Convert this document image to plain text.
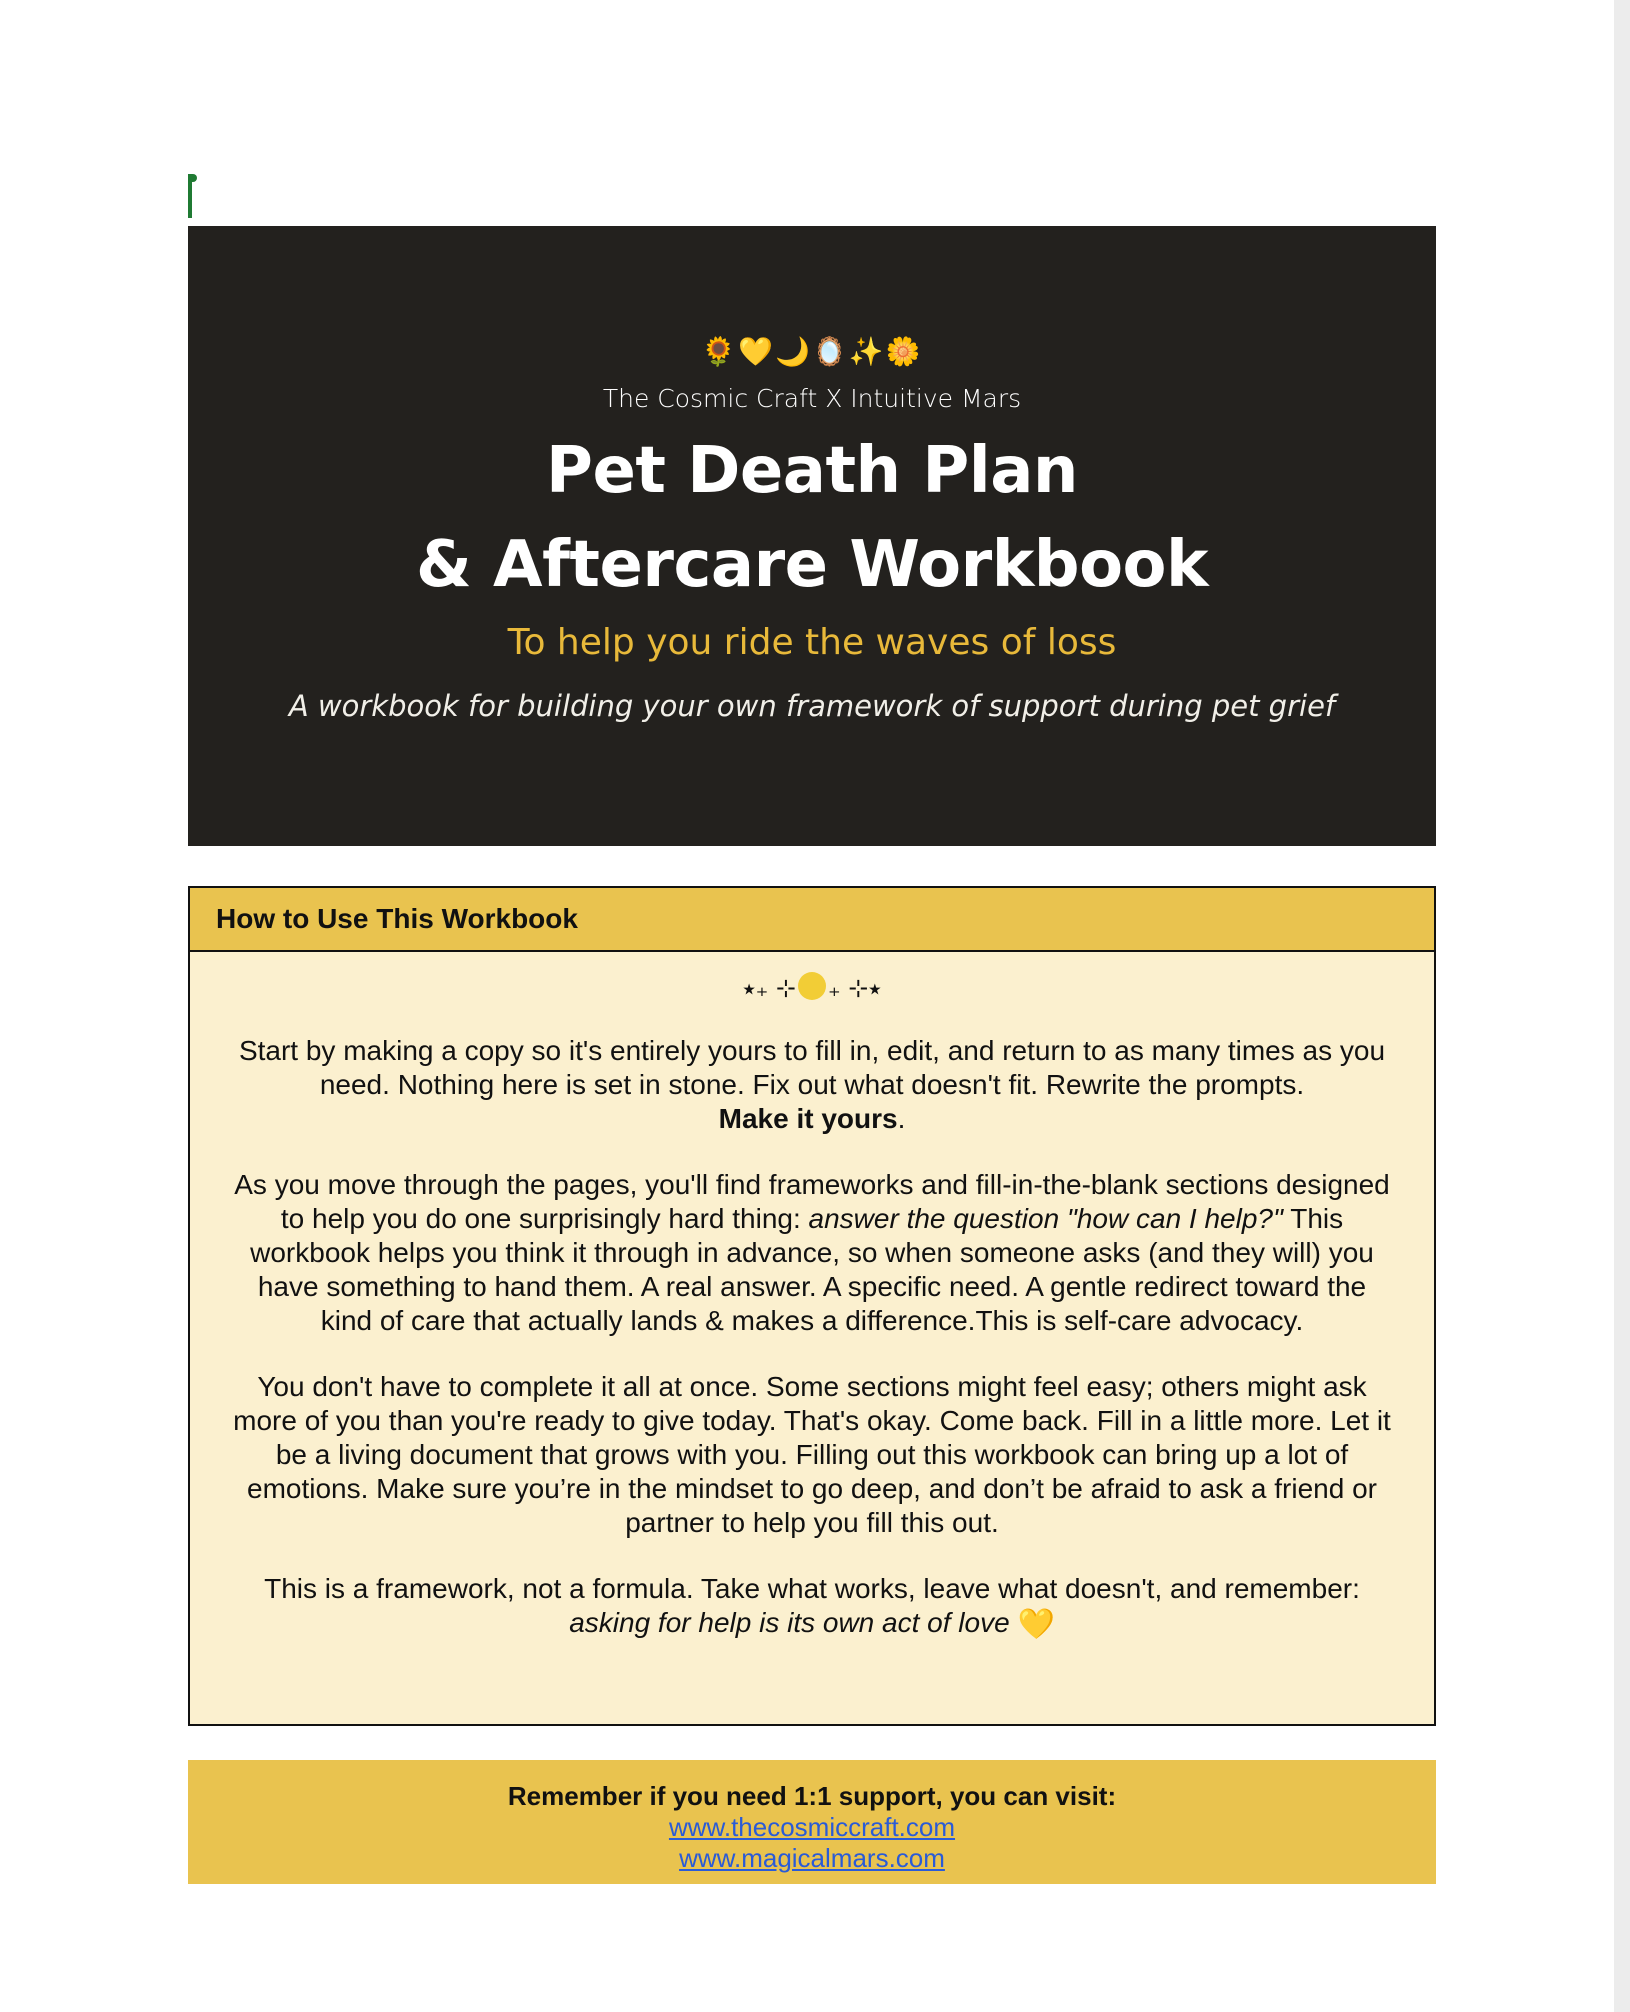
🌻💛🌙🪞✨🌼
The Cosmic Craft X Intuitive Mars
Pet Death Plan
& Aftercare Workbook
To help you ride the waves of loss
A workbook for building your own framework of support during pet grief
How to Use This Workbook
⭑₊ ⊹ ₊ ⊹⭑

Start by making a copy so it's entirely yours to fill in, edit, and return to as many times as you need. Nothing here is set in stone. Fix out what doesn't fit. Rewrite the prompts.
Make it yours.

As you move through the pages, you'll find frameworks and fill-in-the-blank sections designed to help you do one surprisingly hard thing: answer the question "how can I help?" This workbook helps you think it through in advance, so when someone asks (and they will) you have something to hand them. A real answer. A specific need. A gentle redirect toward the kind of care that actually lands & makes a difference.This is self-care advocacy.

You don't have to complete it all at once. Some sections might feel easy; others might ask more of you than you're ready to give today. That's okay. Come back. Fill in a little more. Let it be a living document that grows with you. Filling out this workbook can bring up a lot of emotions. Make sure you’re in the mindset to go deep, and don’t be afraid to ask a friend or partner to help you fill this out.

This is a framework, not a formula. Take what works, leave what doesn't, and remember:
asking for help is its own act of love 💛

Remember if you need 1:1 support, you can visit:
www.thecosmiccraft.com
www.magicalmars.com
